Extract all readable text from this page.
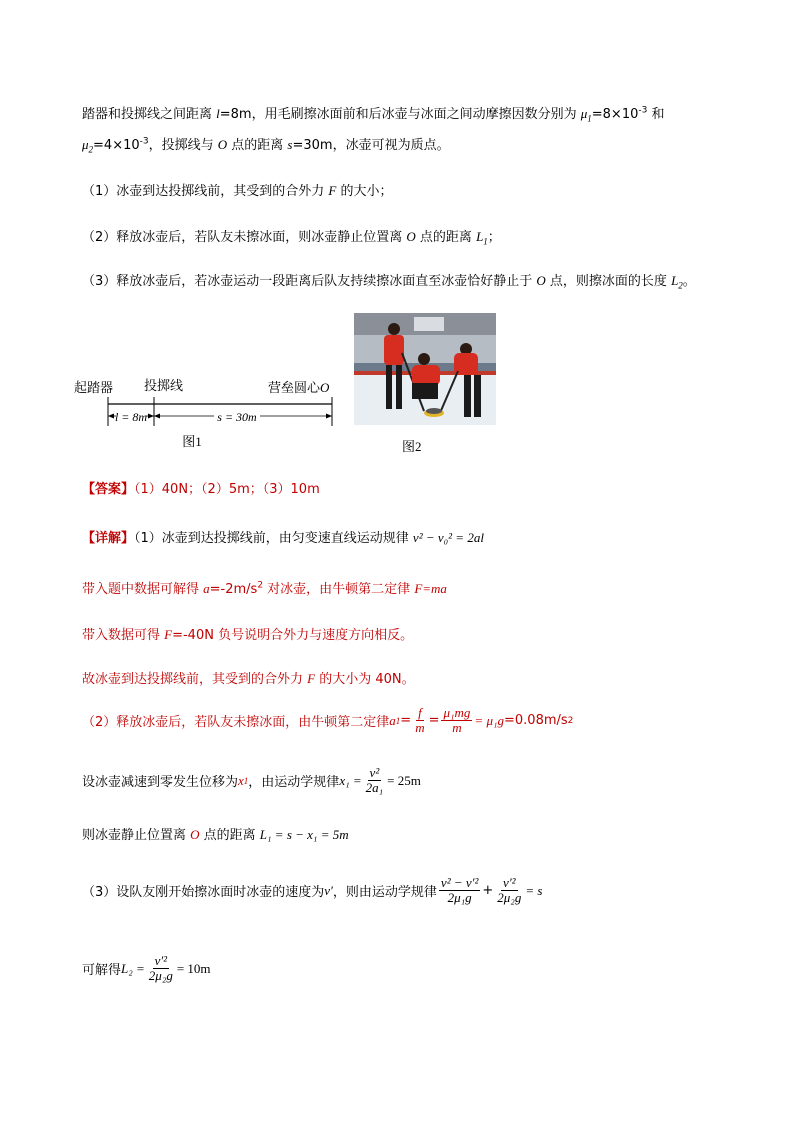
踏器和投掷线之间距离 l=8m，用毛刷擦冰面前和后冰壶与冰面之间动摩擦因数分别为 $\mu_1=8\times 10^{-3}$ 和
$\mu_2=4\times 10^{-3}$，投掷线与 O 点的距离 s=30m，冰壶可视为质点。
（1）冰壶到达投掷线前，其受到的合外力 F 的大小；
（2）释放冰壶后，若队友未擦冰面，则冰壶静止位置离 O 点的距离 $L_1$；
（3）释放冰壶后，若冰壶运动一段距离后队友持续擦冰面直至冰壶恰好静止于 O 点，则擦冰面的长度 $L_2$。
起踏器 投掷线	营垒圆心O
l = 8m	s = 30m
图1	图2
【答案】（1）40N；（2）5m；（3）10m
【详解】（1）冰壶到达投掷线前，由匀变速直线运动规律 v² − v₀² = 2al
带入题中数据可解得 $a=-2m/s^2$ 对冰壶，由牛顿第二定律 F=ma
带入数据可得 F=-40N 负号说明合外力与速度方向相反。
故冰壶到达投掷线前，其受到的合外力 F 的大小为 40N。
（2）释放冰壶后，若队友未擦冰面，由牛顿第二定律 a $1 = \frac{f}{m} = \frac{\text{μ₁mg}}{m} = \mu_1g =0.08m/s$ 2
设冰壶减速到零发生位移为 x 1 ，由运动学规律 $x_1 = \frac{\text{v²}}{\text{2a₁}} = 25m$
则冰壶静止位置离 O 点的距离 L₁ = s − x₁ = 5m
（3）设队友刚开始擦冰面时冰壶的速度为 v′ ，则由运动学规律 $\frac{\text{v² − v′²}}{\text{2μ₁g}} + \frac{\text{v′²}}{\text{2μ₂g}} = s$
可解得 $L_2 = \frac{\text{v′²}}{\text{2μ₂g}} = 10m$
